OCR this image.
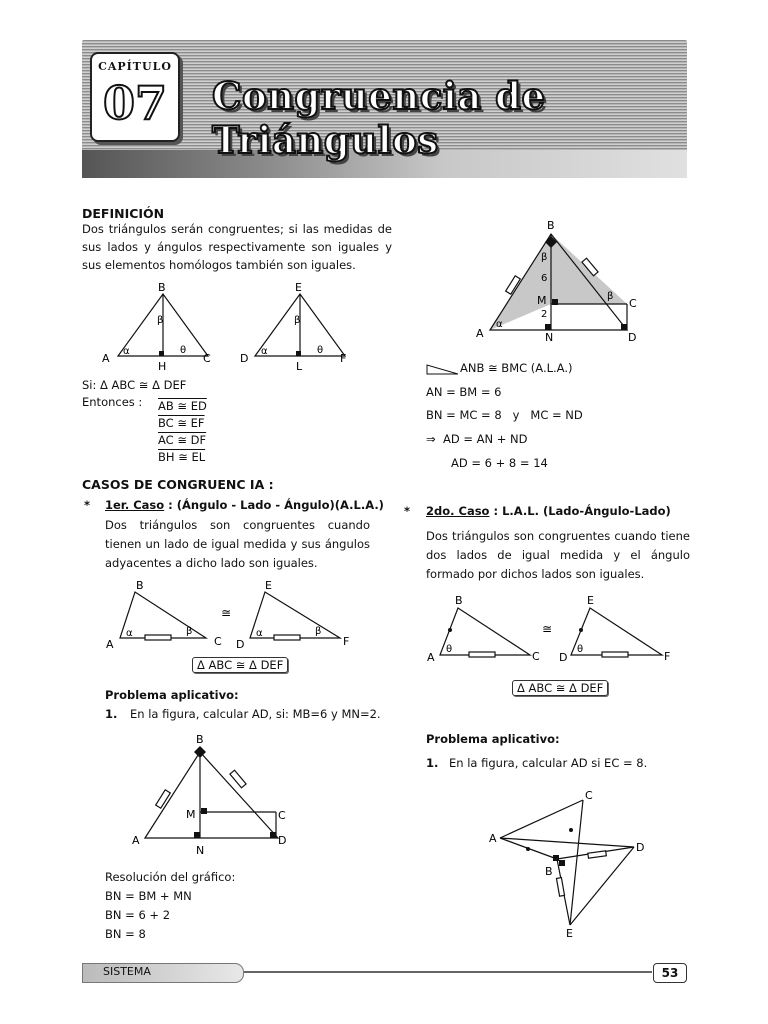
CAPÍTULO
07 Congruencia de Triángulos
DEFINICIÓN
Dos triángulos serán congruentes; si las medidas de sus lados y ángulos respectivamente son iguales y sus elementos homólogos también son iguales.
B
A	C
H
α	θ
β
E
D	F
L
α	θ
β
Si: Δ ABC ≅ Δ DEF
Entonces : AB ≅ ED
BC ≅ EF
AC ≅ DF
BH ≅ EL
CASOS DE CONGRUENC IA :
* 1er. Caso : (Ángulo - Lado - Ángulo)(A.L.A.)
Dos triángulos son congruentes cuando tienen un lado de igual medida y sus ángulos adyacentes a dicho lado son iguales.
B
A	C
α	β
E
D	F
α	β
≅
Δ ABC ≅ Δ DEF
Problema aplicativo:
1. En la figura, calcular AD, si: MB=6 y MN=2.
B
A
C
D
M
N
Resolución del gráfico:
BN = BM + MN
BN = 6 + 2
BN = 8
B
A
C
D
M
N
β
6
2
β
α
ANB ≅ BMC (A.L.A.)
AN = BM = 6
BN = MC = 8   y   MC = ND
⇒  AD = AN + ND
AD = 6 + 8 = 14
* 2do. Caso : L.A.L. (Lado-Ángulo-Lado)
Dos triángulos son congruentes cuando tiene dos lados de igual medida y el ángulo formado por dichos lados son iguales.
B
A	C
θ
E
D	F
θ
≅
Δ ABC ≅ Δ DEF
Problema aplicativo:
1. En la figura, calcular AD si EC = 8.
C
A
D
B
E
SISTEMA	53
